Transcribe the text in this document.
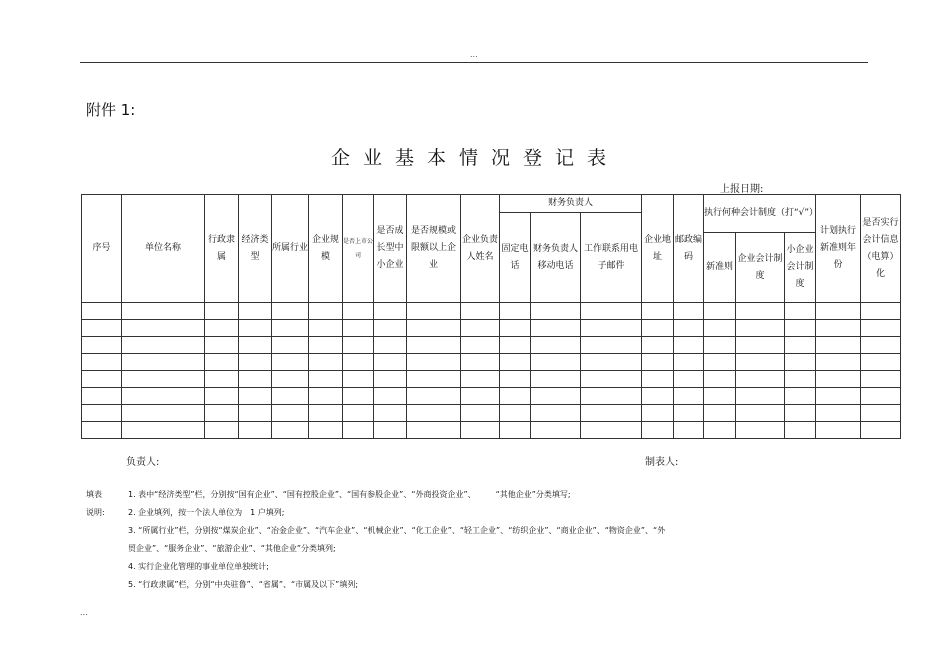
...
附件 1:
企业基本情况登记表
上报日期:
序号	单位名称	行政隶属	经济类型	所属行业	企业规模	是否上市公司	是否成长型中小企业	是否规模或限额以上企业	企业负责人姓名	财务负责人			企业地址	邮政编码	执行何种会计制度（打“√”）			计划执行新准则年份	是否实行会计信息（电算）化
										固定电话	财务负责人移动电话	工作联系用电子邮件							
															新准则	企业会计制度	小企业会计制度		

负责人:	制表人:
填表
说明:
1. 表中“经济类型”栏，分别按“国有企业”、“国有控股企业”、“国有参股企业”、“外商投资企业”、　　　“其他企业”分类填写;
2. 企业填列，按一个法人单位为　1 户填列;
3. “所属行业”栏，分别按“煤炭企业”、“冶金企业”、“汽车企业”、“机械企业”、“化工企业”、“轻工企业”、“纺织企业”、“商业企业”、“物资企业”、“外
贸企业”、“服务企业”、“旅游企业”、“其他企业”分类填列;
4. 实行企业化管理的事业单位单独统计;
5. “行政隶属”栏，分别“中央驻鲁”、“省属”、“市属及以下”填列;
...
